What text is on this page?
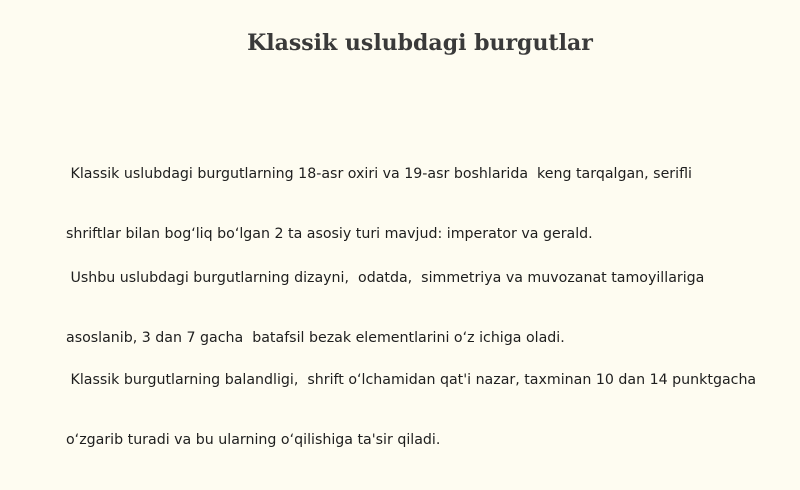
Klassik uslubdagi burgutlar

Klassik uslubdagi burgutlarning 18-asr oxiri va 19-asr boshlarida  keng tarqalgan, serifli

shriftlar bilan bog‘liq bo‘lgan 2 ta asosiy turi mavjud: imperator va gerald.

Ushbu uslubdagi burgutlarning dizayni,  odatda,  simmetriya va muvozanat tamoyillariga

asoslanib, 3 dan 7 gacha  batafsil bezak elementlarini o‘z ichiga oladi.

Klassik burgutlarning balandligi,  shrift o‘lchamidan qat'i nazar, taxminan 10 dan 14 punktgacha

o‘zgarib turadi va bu ularning o‘qilishiga ta'sir qiladi.
